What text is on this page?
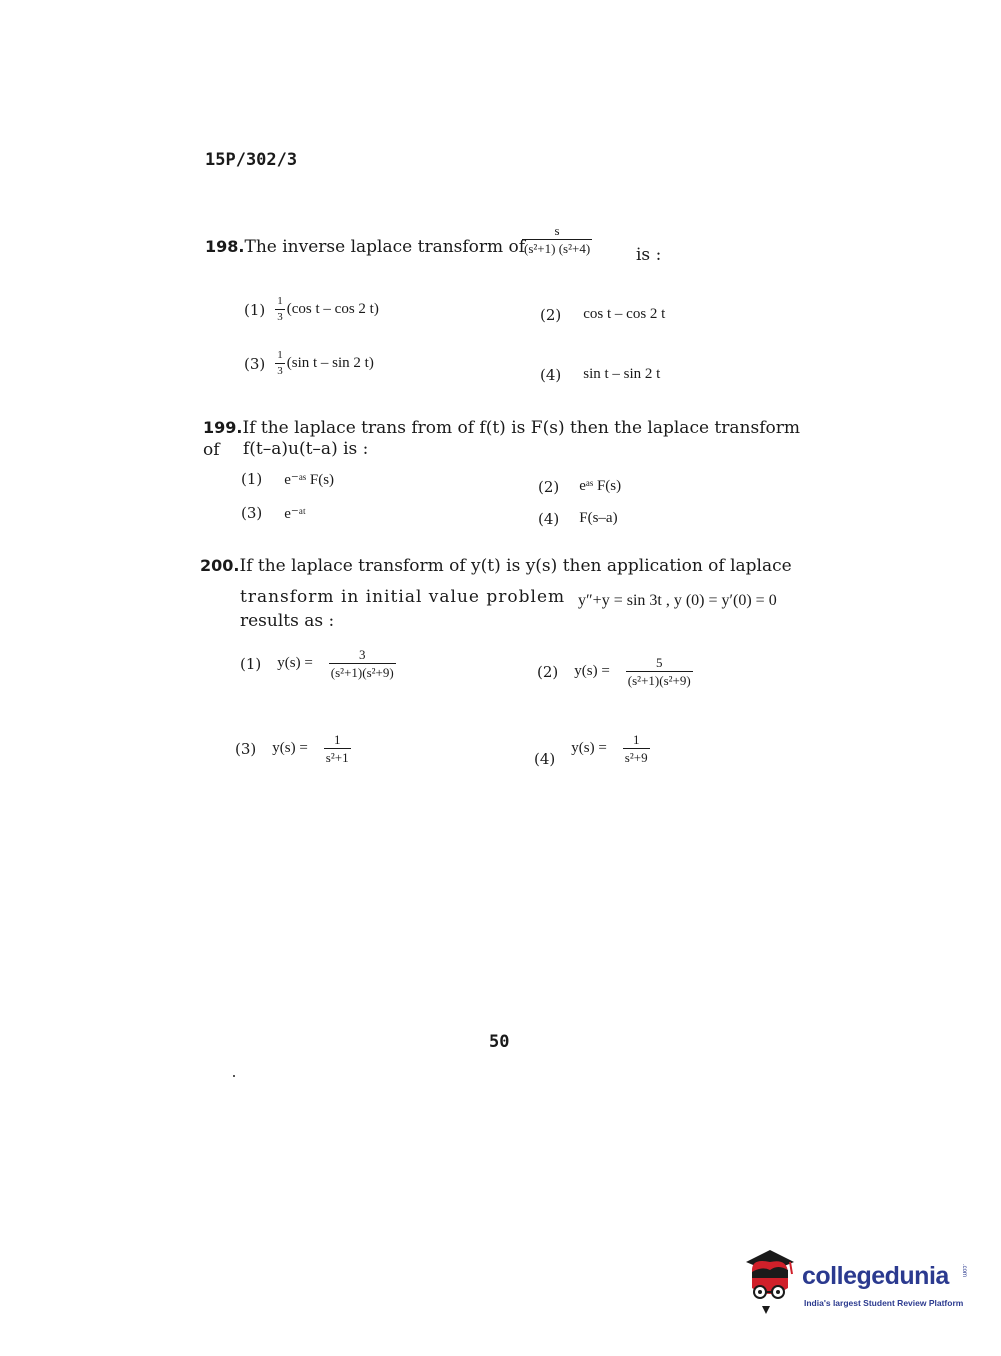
15P/302/3
198.The inverse laplace transform of
$\frac{s}{\text{(s²+1) (s²+4)}}$	is :
$(1) \frac{1}{3} (\cos$ t – cos 2 t)	(2) cos t – cos 2 t
$(3) \frac{1}{3} (\sin$ t – sin 2 t)
(4) sin t – sin 2 t
199.If the laplace trans from of f(t) is F(s) then the laplace transform of	f(t–a)u(t–a) is :
(1) e⁻ᵃˢ F(s)	(2) eᵃˢ F(s)
(3) e⁻ᵃᵗ	(4) F(s–a)
200.If the laplace transform of y(t) is y(s) then application of laplace
transform in initial value problem y″+y = sin 3t , y (0) = y′(0) = 0
results as :
(1) $y(s) = \frac{3}{\text{(s²+1)(s²+9)}}$	(2) $y(s) = \frac{5}{\text{(s²+1)(s²+9)}}$
(3) $y(s) = \frac{1}{\text{s²+1}}$	(4)
$y(s) = \frac{1}{\text{s²+9}}$
50
collegedunia .com
India's largest Student Review Platform
